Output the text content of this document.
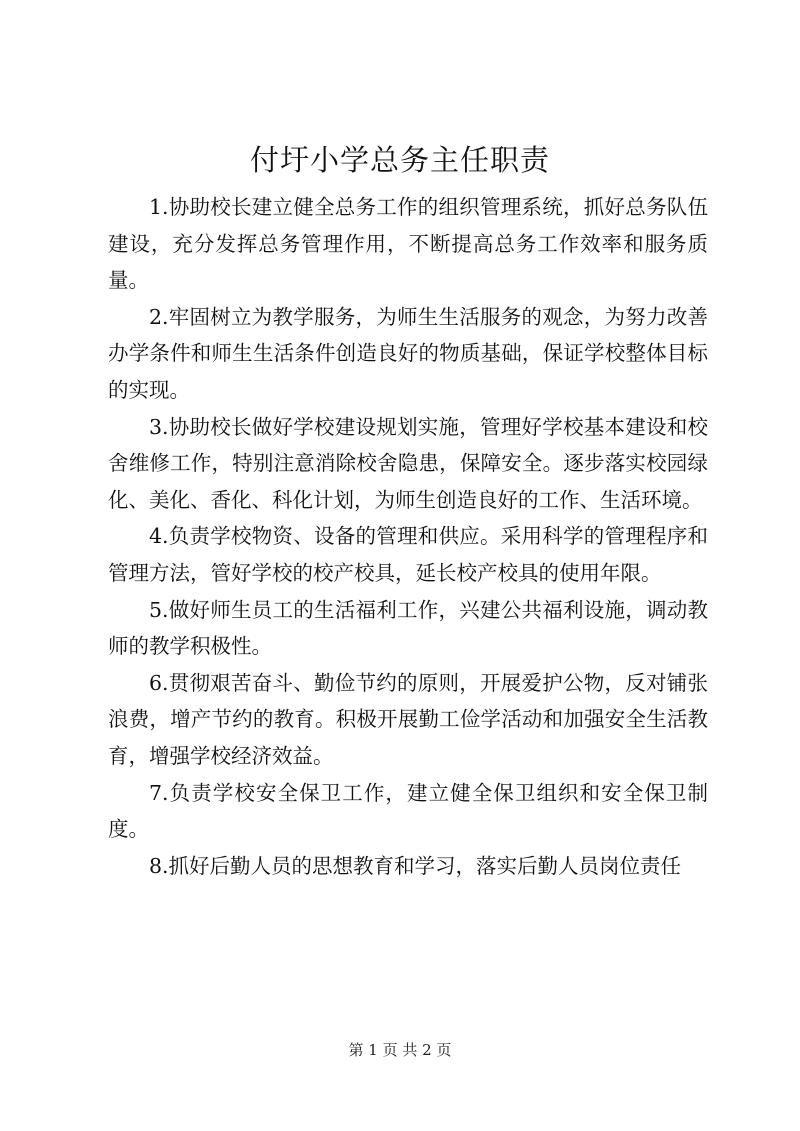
付圩小学总务主任职责

1.协助校长建立健全总务工作的组织管理系统，抓好总务队伍建设，充分发挥总务管理作用，不断提高总务工作效率和服务质量。

2.牢固树立为教学服务，为师生生活服务的观念，为努力改善办学条件和师生生活条件创造良好的物质基础，保证学校整体目标的实现。

3.协助校长做好学校建设规划实施，管理好学校基本建设和校舍维修工作，特别注意消除校舍隐患，保障安全。逐步落实校园绿化、美化、香化、科化计划，为师生创造良好的工作、生活环境。

4.负责学校物资、设备的管理和供应。采用科学的管理程序和管理方法，管好学校的校产校具，延长校产校具的使用年限。

5.做好师生员工的生活福利工作，兴建公共福利设施，调动教师的教学积极性。

6.贯彻艰苦奋斗、勤俭节约的原则，开展爱护公物，反对铺张浪费，增产节约的教育。积极开展勤工俭学活动和加强安全生活教育，增强学校经济效益。

7.负责学校安全保卫工作，建立健全保卫组织和安全保卫制度。

8.抓好后勤人员的思想教育和学习，落实后勤人员岗位责任

第 1 页 共 2 页
